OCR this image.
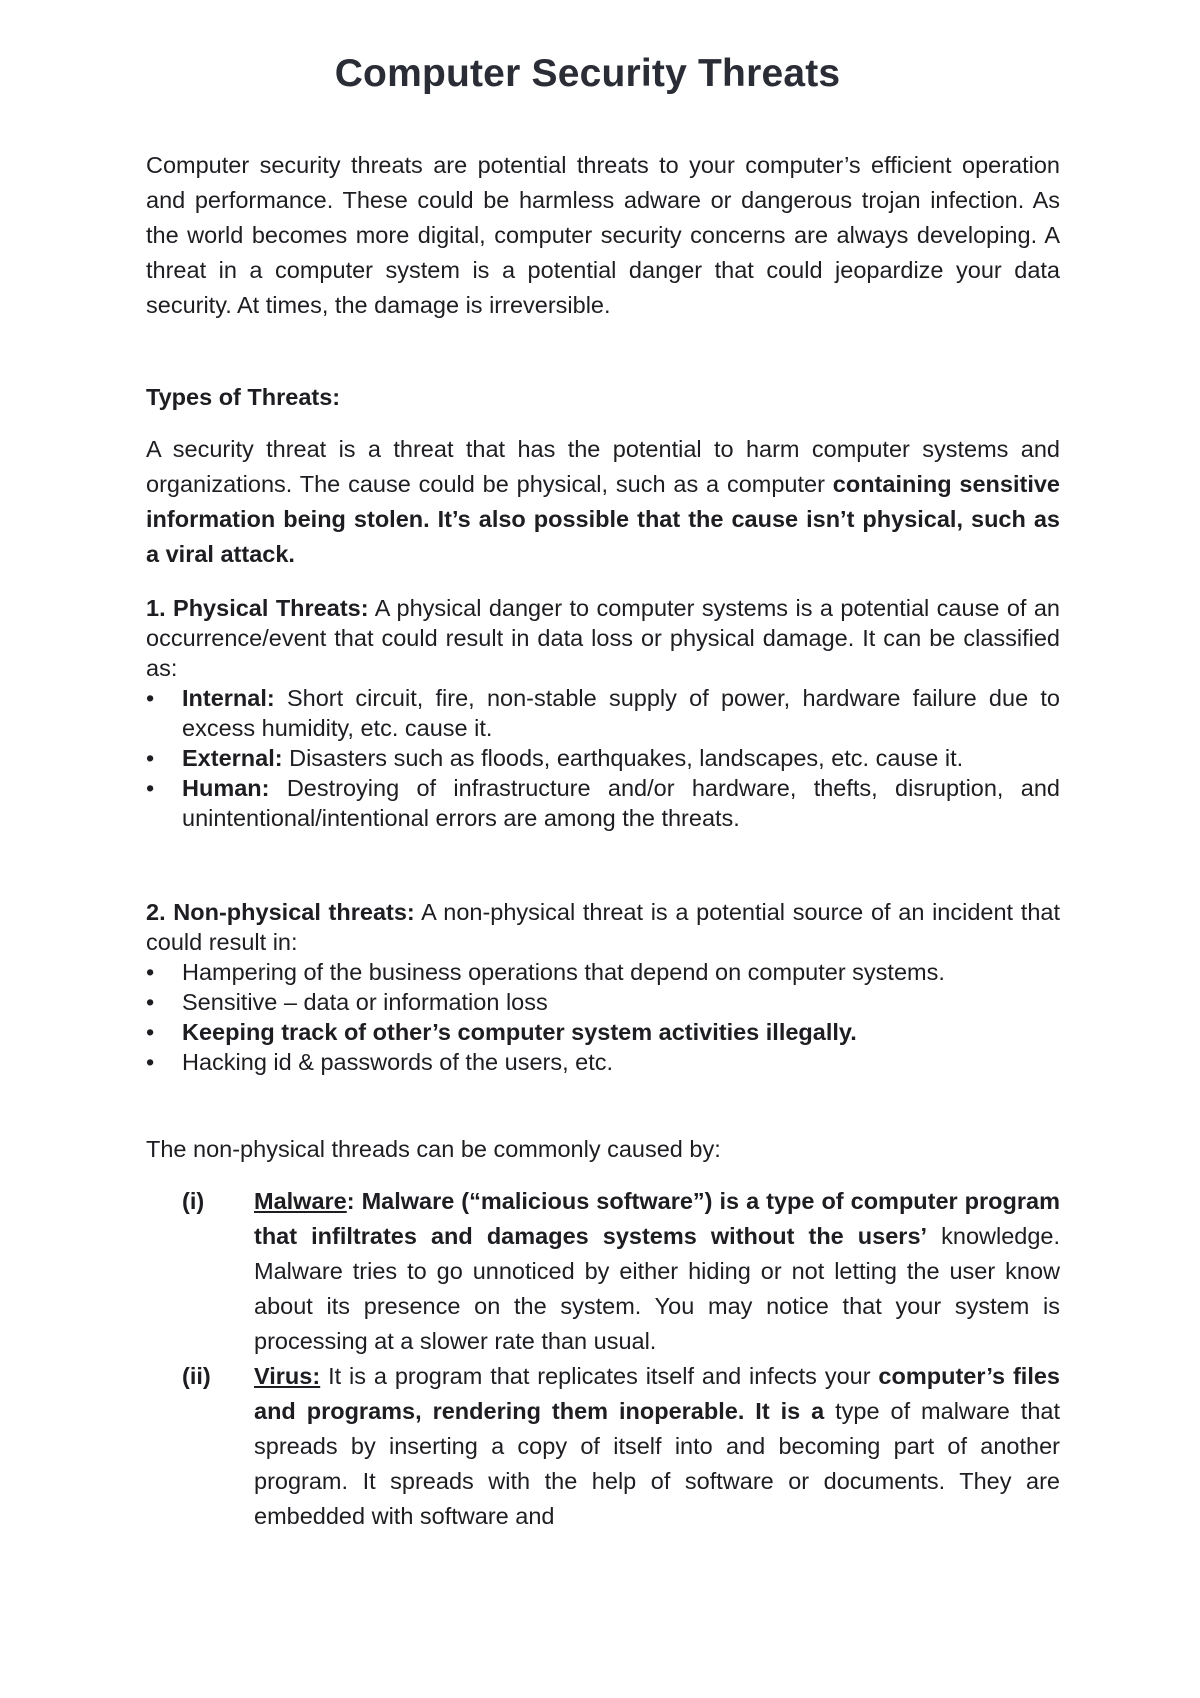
Computer Security Threats

Computer security threats are potential threats to your computer’s efficient operation and performance. These could be harmless adware or dangerous trojan infection. As the world becomes more digital, computer security concerns are always developing. A threat in a computer system is a potential danger that could jeopardize your data security. At times, the damage is irreversible.

Types of Threats:

A security threat is a threat that has the potential to harm computer systems and organizations. The cause could be physical, such as a computer containing sensitive information being stolen. It’s also possible that the cause isn’t physical, such as a viral attack.

1. Physical Threats: A physical danger to computer systems is a potential cause of an occurrence/event that could result in data loss or physical damage. It can be classified as:

• Internal: Short circuit, fire, non-stable supply of power, hardware failure due to excess humidity, etc. cause it.
• External: Disasters such as floods, earthquakes, landscapes, etc. cause it.
• Human: Destroying of infrastructure and/or hardware, thefts, disruption, and unintentional/intentional errors are among the threats.

2. Non-physical threats: A non-physical threat is a potential source of an incident that could result in:

• Hampering of the business operations that depend on computer systems.
• Sensitive – data or information loss
• Keeping track of other’s computer system activities illegally.
• Hacking id & passwords of the users, etc.
The non-physical threads can be commonly caused by:
(i) Malware: Malware (“malicious software”) is a type of computer program that infiltrates and damages systems without the users’ knowledge. Malware tries to go unnoticed by either hiding or not letting the user know about its presence on the system. You may notice that your system is processing at a slower rate than usual.
(ii) Virus: It is a program that replicates itself and infects your computer’s files and programs, rendering them inoperable. It is a type of malware that spreads by inserting a copy of itself into and becoming part of another program. It spreads with the help of software or documents. They are embedded with software and
